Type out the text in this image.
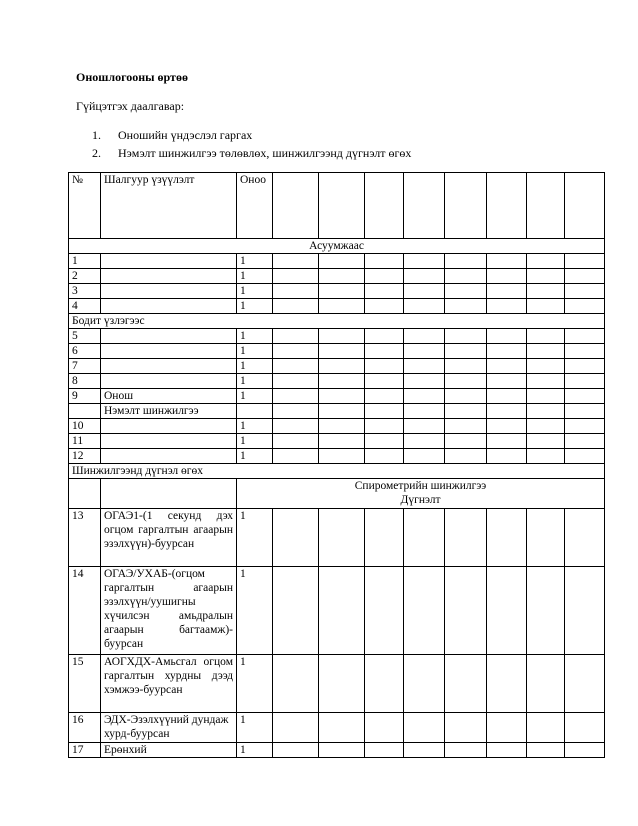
Оношлогооны өртөө

Гүйцэтгэх даалгавар:

1. Оношийн үндэслэл гаргах
2. Нэмэлт шинжилгээ төлөвлөх, шинжилгээнд дүгнэлт өгөх
№	Шалгуур үзүүлэлт	Оноо								
Асуумжаас										
1		1								
2		1								
3		1								
4		1								
Бодит үзлэгээс										
5		1								
6		1								
7		1								
8		1								
9	Онош	1								
	Нэмэлт шинжилгээ									
10		1								
11		1								
12		1								
Шинжилгээнд дүгнэл өгөх										
		Спирометрийн шинжилгээ
Дүгнэлт								
13	ОГАЭ1-(1 секунд дэх огцом гаргалтын агаарын эзэлхүүн)-буурсан	1								
14	ОГАЭ/УХАБ-(огцом гаргалтын агаарын эзэлхүүн/уушигны хүчилсэн амьдралын агаарын багтаамж)-буурсан	1								
15	АОГХДХ-Амьсгал огцом гаргалтын хурдны дээд хэмжээ-буурсан	1								
16	ЭДХ-Эзэлхүүний дундаж хурд-буурсан	1								
17	Ерөнхий	1								
